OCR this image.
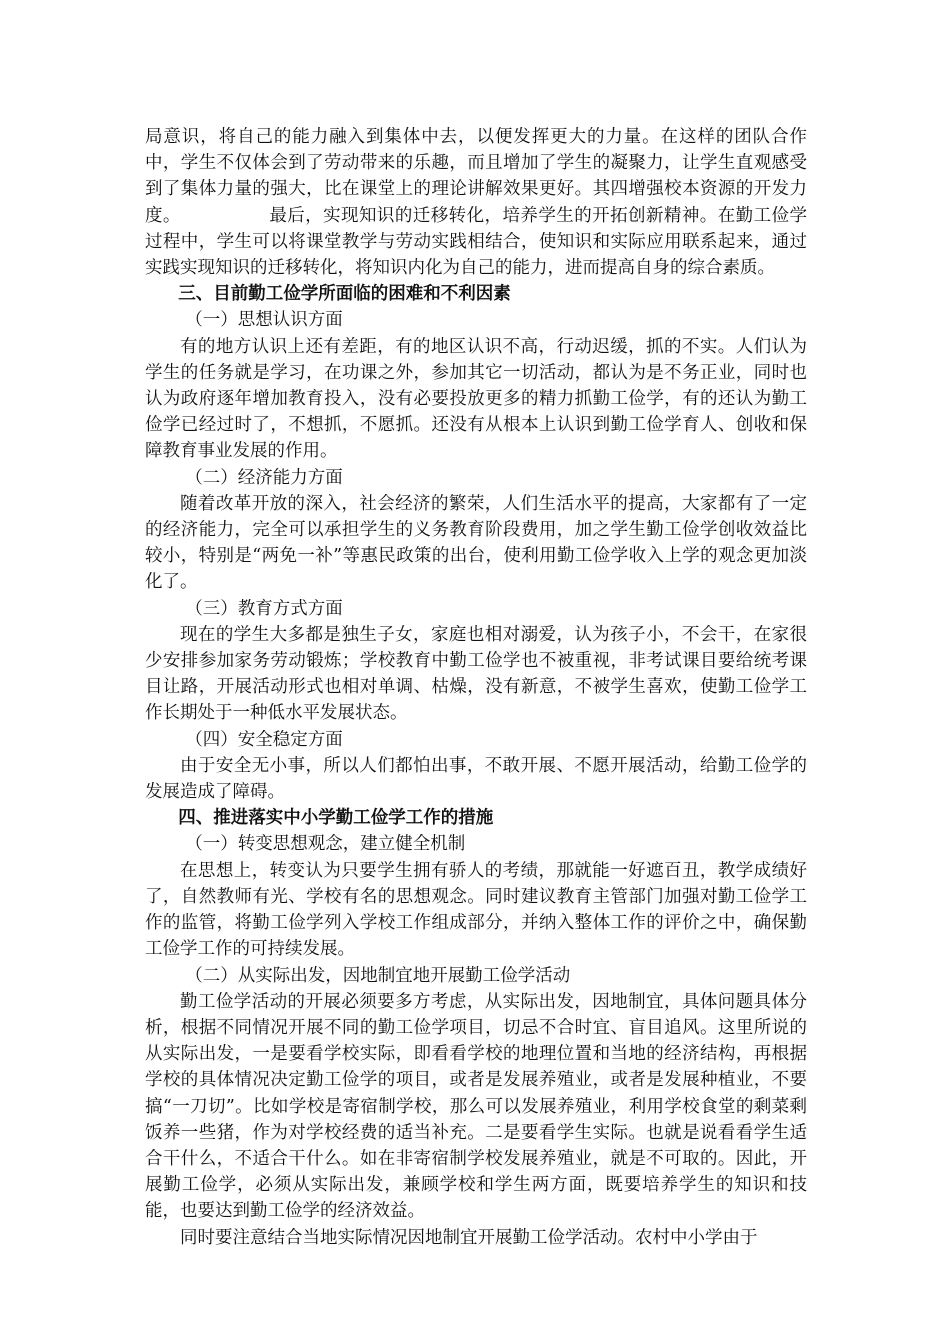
局意识，将自己的能力融入到集体中去，以便发挥更大的力量。在这样的团队合作中，学生不仅体会到了劳动带来的乐趣，而且增加了学生的凝聚力，让学生直观感受到了集体力量的强大，比在课堂上的理论讲解效果更好。其四增强校本资源的开发力度。	最后，实现知识的迁移转化，培养学生的开拓创新精神。在勤工俭学过程中，学生可以将课堂教学与劳动实践相结合，使知识和实际应用联系起来，通过实践实现知识的迁移转化，将知识内化为自己的能力，进而提高自身的综合素质。

三、目前勤工俭学所面临的困难和不利因素

（一）思想认识方面

有的地方认识上还有差距，有的地区认识不高，行动迟缓，抓的不实。人们认为学生的任务就是学习，在功课之外，参加其它一切活动，都认为是不务正业，同时也认为政府逐年增加教育投入，没有必要投放更多的精力抓勤工俭学，有的还认为勤工俭学已经过时了，不想抓，不愿抓。还没有从根本上认识到勤工俭学育人、创收和保障教育事业发展的作用。

（二）经济能力方面

随着改革开放的深入，社会经济的繁荣，人们生活水平的提高，大家都有了一定的经济能力，完全可以承担学生的义务教育阶段费用，加之学生勤工俭学创收效益比较小，特别是“两免一补”等惠民政策的出台，使利用勤工俭学收入上学的观念更加淡化了。

（三）教育方式方面

现在的学生大多都是独生子女，家庭也相对溺爱，认为孩子小，不会干，在家很少安排参加家务劳动锻炼；学校教育中勤工俭学也不被重视，非考试课目要给统考课目让路，开展活动形式也相对单调、枯燥，没有新意，不被学生喜欢，使勤工俭学工作长期处于一种低水平发展状态。

（四）安全稳定方面

由于安全无小事，所以人们都怕出事，不敢开展、不愿开展活动，给勤工俭学的发展造成了障碍。

四、推进落实中小学勤工俭学工作的措施

（一）转变思想观念，建立健全机制

在思想上，转变认为只要学生拥有骄人的考绩，那就能一好遮百丑，教学成绩好了，自然教师有光、学校有名的思想观念。同时建议教育主管部门加强对勤工俭学工作的监管，将勤工俭学列入学校工作组成部分，并纳入整体工作的评价之中，确保勤工俭学工作的可持续发展。

（二）从实际出发，因地制宜地开展勤工俭学活动

勤工俭学活动的开展必须要多方考虑，从实际出发，因地制宜，具体问题具体分析，根据不同情况开展不同的勤工俭学项目，切忌不合时宜、盲目追风。这里所说的从实际出发，一是要看学校实际，即看看学校的地理位置和当地的经济结构，再根据学校的具体情况决定勤工俭学的项目，或者是发展养殖业，或者是发展种植业，不要搞“一刀切”。比如学校是寄宿制学校，那么可以发展养殖业，利用学校食堂的剩菜剩饭养一些猪，作为对学校经费的适当补充。二是要看学生实际。也就是说看看学生适合干什么，不适合干什么。如在非寄宿制学校发展养殖业，就是不可取的。因此，开展勤工俭学，必须从实际出发，兼顾学校和学生两方面，既要培养学生的知识和技能，也要达到勤工俭学的经济效益。

同时要注意结合当地实际情况因地制宜开展勤工俭学活动。农村中小学由于
